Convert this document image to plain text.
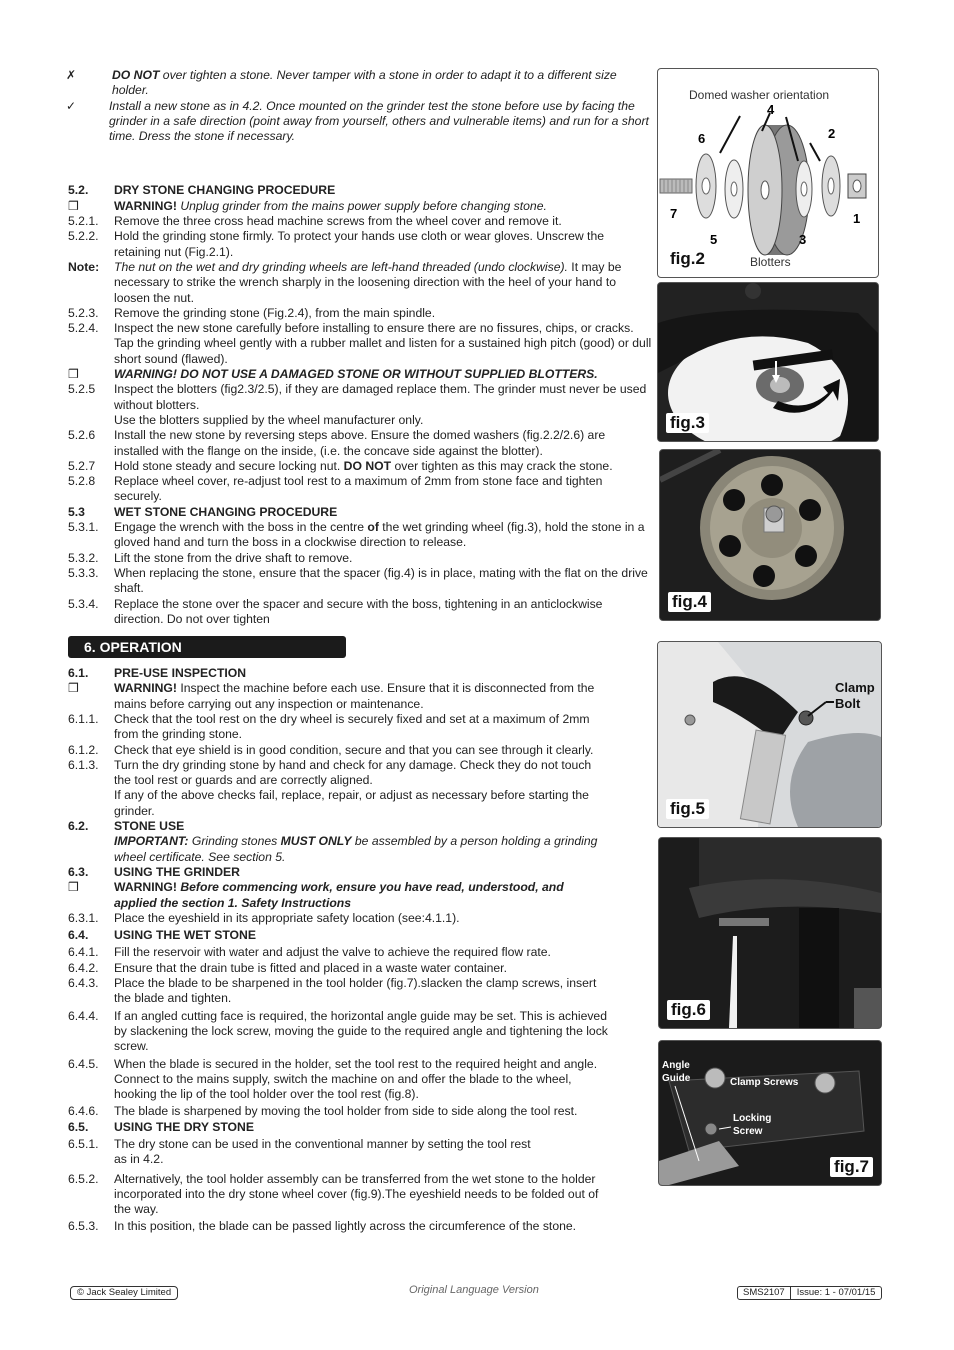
✗	DO NOT over tighten a stone. Never tamper with a stone in order to adapt it to a different size holder.
✓	Install a new stone as in 4.2. Once mounted on the grinder test the stone before use by facing the grinder in a safe direction (point away from yourself, others and vulnerable items) and run for a short time. Dress the stone if necessary.
5.2.	DRY STONE CHANGING PROCEDURE
❒	WARNING! Unplug grinder from the mains power supply before changing stone.
5.2.1.	Remove the three cross head machine screws from the wheel cover and remove it.
5.2.2.	Hold the grinding stone firmly. To protect your hands use cloth or wear gloves. Unscrew the retaining nut (Fig.2.1).
Note:	The nut on the wet and dry grinding wheels are left-hand threaded (undo clockwise). It may be necessary to strike the wrench sharply in the loosening direction with the heel of your hand to loosen the nut.
5.2.3.	Remove the grinding stone (Fig.2.4), from the main spindle.
5.2.4.	Inspect the new stone carefully before installing to ensure there are no fissures, chips, or cracks.
Tap the grinding wheel gently with a rubber mallet and listen for a sustained high pitch (good) or dull short sound (flawed).
❒	WARNING! DO NOT USE A DAMAGED STONE OR WITHOUT SUPPLIED BLOTTERS.
5.2.5	Inspect the blotters (fig2.3/2.5), if they are damaged replace them. The grinder must never be used without blotters.
Use the blotters supplied by the wheel manufacturer only.
5.2.6	Install the new stone by reversing steps above. Ensure the domed washers (fig.2.2/2.6) are installed with the flange on the inside, (i.e. the concave side against the blotter).
5.2.7	Hold stone steady and secure locking nut. DO NOT over tighten as this may crack the stone.
5.2.8	Replace wheel cover, re-adjust tool rest to a maximum of 2mm from stone face and tighten securely.
5.3	WET STONE CHANGING PROCEDURE
5.3.1.	Engage the wrench with the boss in the centre of the wet grinding wheel (fig.3), hold the stone in a gloved hand and turn the boss in a clockwise direction to release.
5.3.2.	Lift the stone from the drive shaft to remove.
5.3.3.	When replacing the stone, ensure that the spacer (fig.4) is in place, mating with the flat on the drive shaft.
5.3.4.	Replace the stone over the spacer and secure with the boss, tightening in an anticlockwise direction. Do not over tighten
6. OPERATION
6.1.	PRE-USE INSPECTION
❒	WARNING! Inspect the machine before each use. Ensure that it is disconnected from the mains before carrying out any inspection or maintenance.
6.1.1.	Check that the tool rest on the dry wheel is securely fixed and set at a maximum of 2mm from the grinding stone.
6.1.2.	Check that eye shield is in good condition, secure and that you can see through it clearly.
6.1.3.	Turn the dry grinding stone by hand and check for any damage. Check they do not touch the tool rest or guards and are correctly aligned.
If any of the above checks fail, replace, repair, or adjust as necessary before starting the grinder.
6.2.	STONE USE
IMPORTANT: Grinding stones MUST ONLY be assembled by a person holding a grinding wheel certificate. See section 5.
6.3.	USING THE GRINDER
❒	WARNING! Before commencing work, ensure you have read, understood, and applied the section 1. Safety Instructions
6.3.1.	Place the eyeshield in its appropriate safety location (see:4.1.1).
6.4.	USING THE WET STONE
6.4.1.	Fill the reservoir with water and adjust the valve to achieve the required flow rate.
6.4.2.	Ensure that the drain tube is fitted and placed in a waste water container.
6.4.3.	Place the blade to be sharpened in the tool holder (fig.7).slacken the clamp screws, insert the blade and tighten.
6.4.4.	If an angled cutting face is required, the horizontal angle guide may be set. This is achieved by slackening the lock screw, moving the guide to the required angle and tightening the lock screw.
6.4.5.	When the blade is secured in the holder, set the tool rest to the required height and angle. Connect to the mains supply, switch the machine on and offer the blade to the wheel, hooking the lip of the tool holder over the tool rest (fig.8).
6.4.6.	The blade is sharpened by moving the tool holder from side to side along the tool rest.
6.5.	USING THE DRY STONE
6.5.1.	The dry stone can be used in the conventional manner by setting the tool rest as in 4.2.
6.5.2.	Alternatively, the tool holder assembly can be transferred from the wet stone to the holder incorporated into the dry stone wheel cover (fig.9).The eyeshield needs to be folded out of the way.
6.5.3.	In this position, the blade can be passed lightly across the circumference of the stone.
Domed washer orientation
4
6	2
7	1
5	3
Blotters
fig.2
fig.3
fig.4
Clamp
Bolt
fig.5
fig.6
Angle
Guide	Clamp Screws
Locking
Screw
fig.7
© Jack Sealey Limited	Original Language Version	SMS2107	Issue: 1 - 07/01/15
